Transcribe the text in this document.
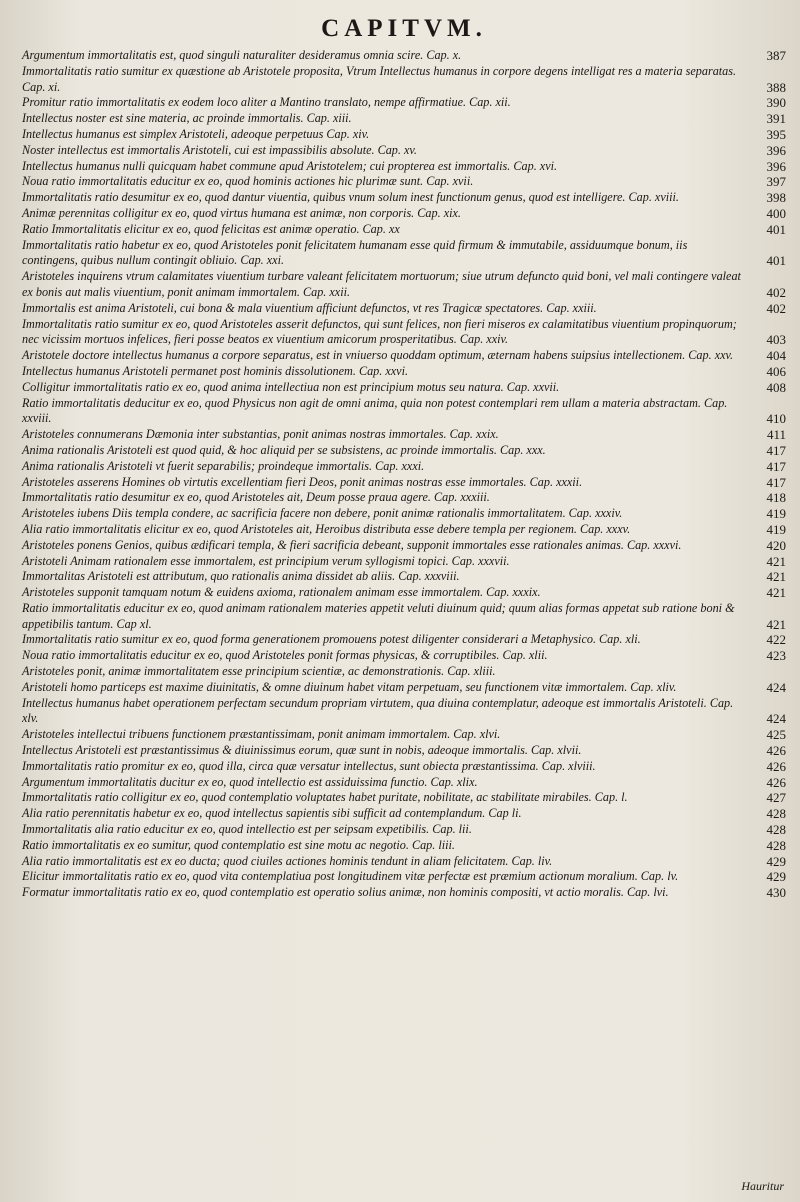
CAPITVM.
Argumentum immortalitatis est, quod singuli naturaliter desideramus omnia scire. Cap. x.	387
Immortalitatis ratio sumitur ex quæstione ab Aristotele proposita, Vtrum Intellectus humanus in corpore degens intelligat res a materia separatas. Cap. xi.	388
Promitur ratio immortalitatis ex eodem loco aliter a Mantino translato, nempe affirmatiue. Cap. xii.	390
Intellectus noster est sine materia, ac proinde immortalis. Cap. xiii.	391
Intellectus humanus est simplex Aristoteli, adeoque perpetuus Cap. xiv.	395
Noster intellectus est immortalis Aristoteli, cui est impassibilis absolute. Cap. xv.	396
Intellectus humanus nulli quicquam habet commune apud Aristotelem; cui propterea est immortalis. Cap. xvi.	396
Noua ratio immortalitatis educitur ex eo, quod hominis actiones hic plurimæ sunt. Cap. xvii.	397
Immortalitatis ratio desumitur ex eo, quod dantur viuentia, quibus vnum solum inest functionum genus, quod est intelligere. Cap. xviii.	398
Animæ perennitas colligitur ex eo, quod virtus humana est animæ, non corporis. Cap. xix.	400
Ratio Immortalitatis elicitur ex eo, quod felicitas est animæ operatio. Cap. xx	401
Immortalitatis ratio habetur ex eo, quod Aristoteles ponit felicitatem humanam esse quid firmum & immutabile, assiduumque bonum, iis contingens, quibus nullum contingit obliuio. Cap. xxi.	401
Aristoteles inquirens vtrum calamitates viuentium turbare valeant felicitatem mortuorum; siue utrum defuncto quid boni, vel mali contingere valeat ex bonis aut malis viuentium, ponit animam immortalem. Cap. xxii.	402
Immortalis est anima Aristoteli, cui bona & mala viuentium afficiunt defunctos, vt res Tragicæ spectatores. Cap. xxiii.	402
Immortalitatis ratio sumitur ex eo, quod Aristoteles asserit defunctos, qui sunt felices, non fieri miseros ex calamitatibus viuentium propinquorum; nec vicissim mortuos infelices, fieri posse beatos ex viuentium amicorum prosperitatibus. Cap. xxiv.	403
Aristotele doctore intellectus humanus a corpore separatus, est in vniuerso quoddam optimum, æternam habens suipsius intellectionem. Cap. xxv.	404
Intellectus humanus Aristoteli permanet post hominis dissolutionem. Cap. xxvi.	406
Colligitur immortalitatis ratio ex eo, quod anima intellectiua non est principium motus seu natura. Cap. xxvii.	408
Ratio immortalitatis deducitur ex eo, quod Physicus non agit de omni anima, quia non potest contemplari rem ullam a materia abstractam. Cap. xxviii.	410
Aristoteles connumerans Dæmonia inter substantias, ponit animas nostras immortales. Cap. xxix.	411
Anima rationalis Aristoteli est quod quid, & hoc aliquid per se subsistens, ac proinde immortalis. Cap. xxx.	417
Anima rationalis Aristoteli vt fuerit separabilis; proindeque immortalis. Cap. xxxi.	417
Aristoteles asserens Homines ob virtutis excellentiam fieri Deos, ponit animas nostras esse immortales. Cap. xxxii.	417
Immortalitatis ratio desumitur ex eo, quod Aristoteles ait, Deum posse praua agere. Cap. xxxiii.	418
Aristoteles iubens Diis templa condere, ac sacrificia facere non debere, ponit animæ rationalis immortalitatem. Cap. xxxiv.	419
Alia ratio immortalitatis elicitur ex eo, quod Aristoteles ait, Heroibus distributa esse debere templa per regionem. Cap. xxxv.	419
Aristoteles ponens Genios, quibus ædificari templa, & fieri sacrificia debeant, supponit immortales esse rationales animas. Cap. xxxvi.	420
Aristoteli Animam rationalem esse immortalem, est principium verum syllogismi topici. Cap. xxxvii.	421
Immortalitas Aristoteli est attributum, quo rationalis anima dissidet ab aliis. Cap. xxxviii.	421
Aristoteles supponit tamquam notum & euidens axioma, rationalem animam esse immortalem. Cap. xxxix.	421
Ratio immortalitatis educitur ex eo, quod animam rationalem materies appetit veluti diuinum quid; quum alias formas appetat sub ratione boni & appetibilis tantum. Cap xl.	421
Immortalitatis ratio sumitur ex eo, quod forma generationem promouens potest diligenter considerari a Metaphysico. Cap. xli.	422
Noua ratio immortalitatis educitur ex eo, quod Aristoteles ponit formas physicas, & corruptibiles. Cap. xlii.	423
Aristoteles ponit, animæ immortalitatem esse principium scientiæ, ac demonstrationis. Cap. xliii.
Aristoteli homo particeps est maxime diuinitatis, & omne diuinum habet vitam perpetuam, seu functionem vitæ immortalem. Cap. xliv.	424
Intellectus humanus habet operationem perfectam secundum propriam virtutem, qua diuina contemplatur, adeoque est immortalis Aristoteli. Cap. xlv.	424
Aristoteles intellectui tribuens functionem præstantissimam, ponit animam immortalem. Cap. xlvi.	425
Intellectus Aristoteli est præstantissimus & diuinissimus eorum, quæ sunt in nobis, adeoque immortalis. Cap. xlvii.	426
Immortalitatis ratio promitur ex eo, quod illa, circa quæ versatur intellectus, sunt obiecta præstantissima. Cap. xlviii.	426
Argumentum immortalitatis ducitur ex eo, quod intellectio est assiduissima functio. Cap. xlix.	426
Immortalitatis ratio colligitur ex eo, quod contemplatio voluptates habet puritate, nobilitate, ac stabilitate mirabiles. Cap. l.	427
Alia ratio perennitatis habetur ex eo, quod intellectus sapientis sibi sufficit ad contemplandum. Cap li.	428
Immortalitatis alia ratio educitur ex eo, quod intellectio est per seipsam expetibilis. Cap. lii.	428
Ratio immortalitatis ex eo sumitur, quod contemplatio est sine motu ac negotio. Cap. liii.	428
Alia ratio immortalitatis est ex eo ducta; quod ciuiles actiones hominis tendunt in aliam felicitatem. Cap. liv.	429
Elicitur immortalitatis ratio ex eo, quod vita contemplatiua post longitudinem vitæ perfectæ est præmium actionum moralium. Cap. lv.	429
Formatur immortalitatis ratio ex eo, quod contemplatio est operatio solius animæ, non hominis compositi, vt actio moralis. Cap. lvi.	430
Hauritur
